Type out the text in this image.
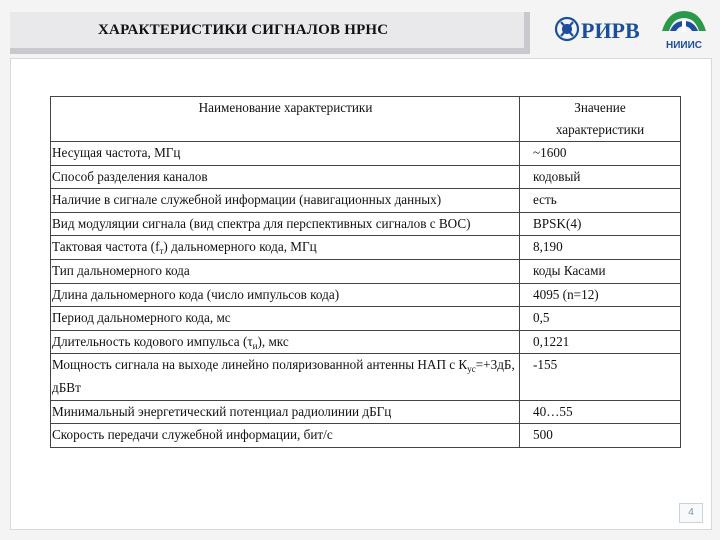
ХАРАКТЕРИСТИКИ СИГНАЛОВ НРНС	РИРВ
НИИИС
Наименование характеристики	Значение
характеристики

Несущая частота, МГц	~1600
Способ разделения каналов	кодовый
Наличие в сигнале служебной информации (навигационных данных)	есть
Вид модуляции сигнала (вид спектра для перспективных сигналов с ВОС)	BPSK(4)
Тактовая частота $(f_т)$ дальномерного кода, МГц	8,190
Тип дальномерного кода	коды Касами
Длина дальномерного кода (число импульсов кода)	4095 (n=12)
Период дальномерного кода, мс	0,5
Длительность кодового импульса $(\tau_и)$, мкс	0,1221
Мощность сигнала на выходе линейно поляризованной антенны НАП с $К_{ус}=+3дБ$, дБВт	-155
Минимальный энергетический потенциал радиолинии дБГц	40…55
Скорость передачи служебной информации, бит/с	500
4
